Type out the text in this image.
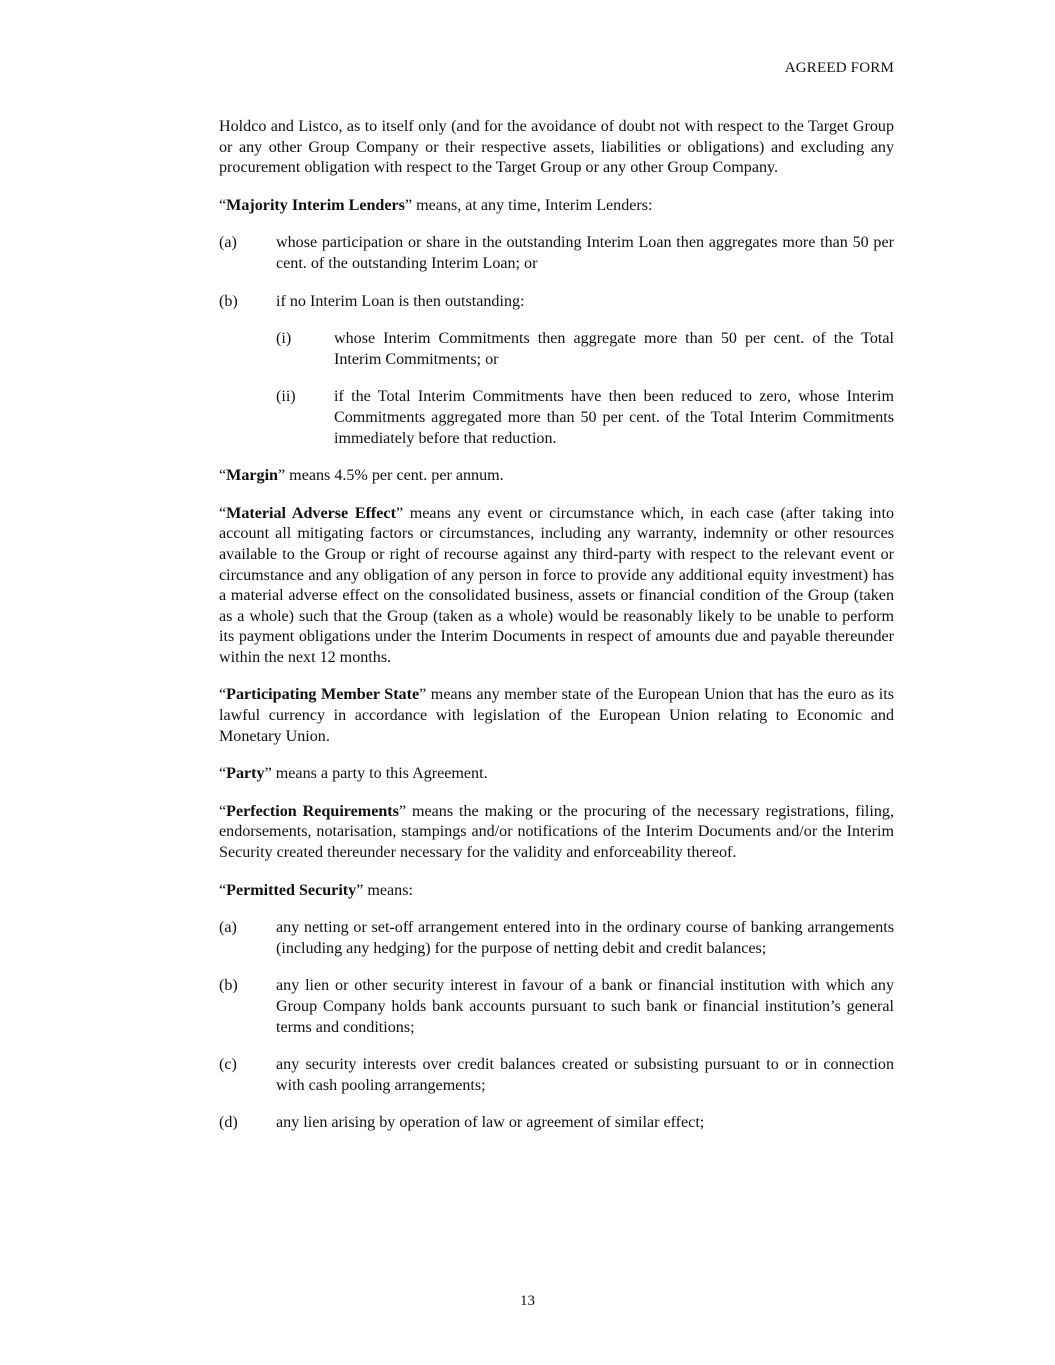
AGREED FORM

Holdco and Listco, as to itself only (and for the avoidance of doubt not with respect to the Target Group or any other Group Company or their respective assets, liabilities or obligations) and excluding any procurement obligation with respect to the Target Group or any other Group Company.

“Majority Interim Lenders” means, at any time, Interim Lenders:

(a) whose participation or share in the outstanding Interim Loan then aggregates more than 50 per cent. of the outstanding Interim Loan; or
(b) if no Interim Loan is then outstanding:
(i)	whose Interim Commitments then aggregate more than 50 per cent. of the Total Interim Commitments; or
(ii) if the Total Interim Commitments have then been reduced to zero, whose Interim Commitments aggregated more than 50 per cent. of the Total Interim Commitments immediately before that reduction.

“Margin” means 4.5% per cent. per annum.

“Material Adverse Effect” means any event or circumstance which, in each case (after taking into account all mitigating factors or circumstances, including any warranty, indemnity or other resources available to the Group or right of recourse against any third-party with respect to the relevant event or circumstance and any obligation of any person in force to provide any additional equity investment) has a material adverse effect on the consolidated business, assets or financial condition of the Group (taken as a whole) such that the Group (taken as a whole) would be reasonably likely to be unable to perform its payment obligations under the Interim Documents in respect of amounts due and payable thereunder within the next 12 months.

“Participating Member State” means any member state of the European Union that has the euro as its lawful currency in accordance with legislation of the European Union relating to Economic and Monetary Union.

“Party” means a party to this Agreement.

“Perfection Requirements” means the making or the procuring of the necessary registrations, filing, endorsements, notarisation, stampings and/or notifications of the Interim Documents and/or the Interim Security created thereunder necessary for the validity and enforceability thereof.

“Permitted Security” means:

(a) any netting or set-off arrangement entered into in the ordinary course of banking arrangements (including any hedging) for the purpose of netting debit and credit balances;
(b) any lien or other security interest in favour of a bank or financial institution with which any Group Company holds bank accounts pursuant to such bank or financial institution’s general terms and conditions;
(c) any security interests over credit balances created or subsisting pursuant to or in connection with cash pooling arrangements;
(d) any lien arising by operation of law or agreement of similar effect;
13
